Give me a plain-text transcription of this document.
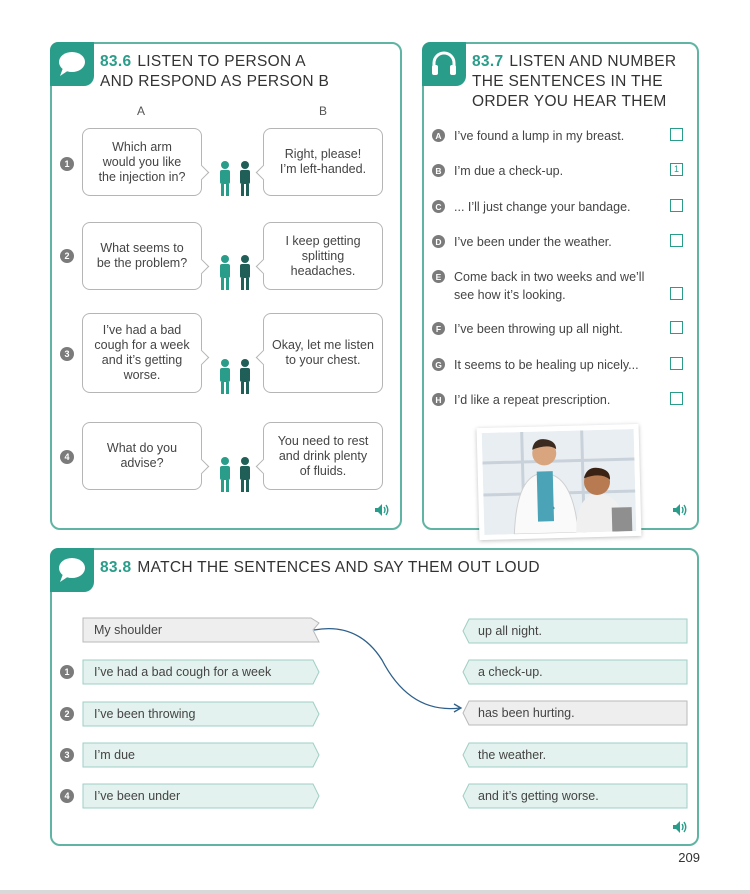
83.6 LISTEN TO PERSON A
AND RESPOND AS PERSON B
A	B
1
Which arm
would you like
the injection in?
Right, please!
I’m left-handed.
2
What seems to
be the problem?
I keep getting
splitting
headaches.
3
I’ve had a bad
cough for a week
and it’s getting
worse.
Okay, let me listen
to your chest.
4
What do you
advise?
You need to rest
and drink plenty
of fluids.
83.7 LISTEN AND NUMBER
THE SENTENCES IN THE
ORDER YOU HEAR THEM
A I’ve found a lump in my breast.
B I’m due a check-up.	1
C ... I’ll just change your bandage.
D I’ve been under the weather.
E Come back in two weeks and we’ll
see how it’s looking.
F	I’ve been throwing up all night.
G It seems to be healing up nicely...
H I’d like a repeat prescription.
83.8 MATCH THE SENTENCES AND SAY THEM OUT LOUD
My shoulder
1	I’ve had a bad cough for a week
2	I’ve been throwing
3	I’m due
4	I’ve been under
up all night.
a check-up.
has been hurting.
the weather.
and it’s getting worse.
209
